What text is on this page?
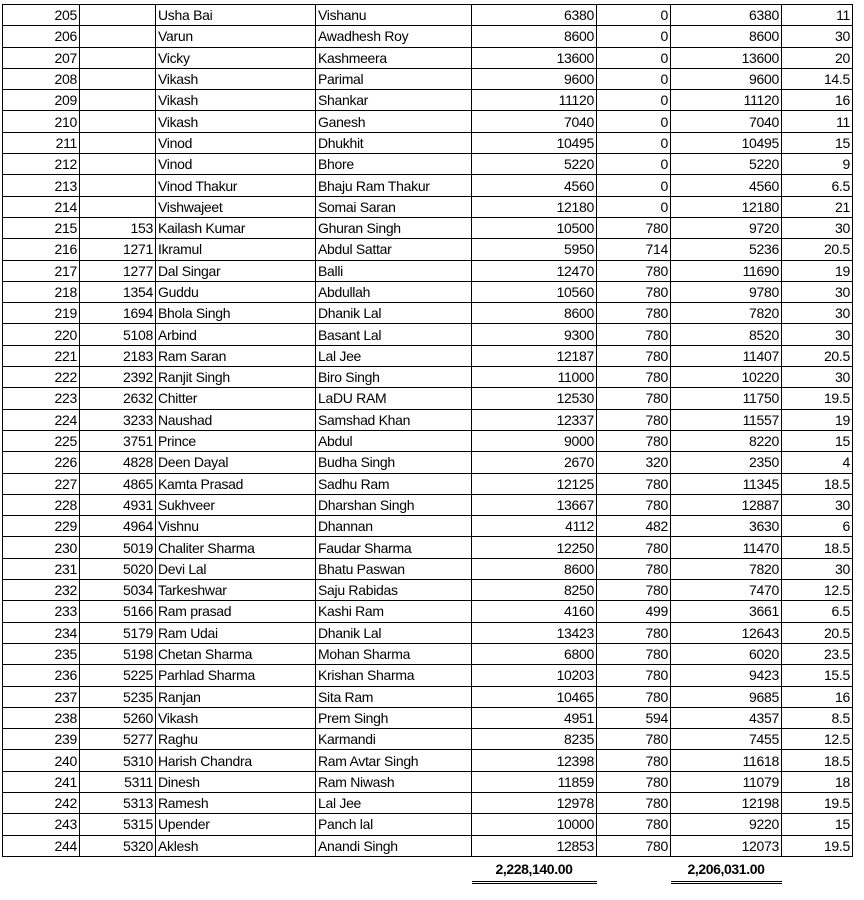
205		Usha Bai	Vishanu	6380	0	6380	11
206		Varun	Awadhesh Roy	8600	0	8600	30
207		Vicky	Kashmeera	13600	0	13600	20
208		Vikash	Parimal	9600	0	9600	14.5
209		Vikash	Shankar	11120	0	11120	16
210		Vikash	Ganesh	7040	0	7040	11
211		Vinod	Dhukhit	10495	0	10495	15
212		Vinod	Bhore	5220	0	5220	9
213		Vinod Thakur	Bhaju Ram Thakur	4560	0	4560	6.5
214		Vishwajeet	Somai Saran	12180	0	12180	21
215	153	Kailash Kumar	Ghuran Singh	10500	780	9720	30
216	1271	Ikramul	Abdul Sattar	5950	714	5236	20.5
217	1277	Dal Singar	Balli	12470	780	11690	19
218	1354	Guddu	Abdullah	10560	780	9780	30
219	1694	Bhola Singh	Dhanik Lal	8600	780	7820	30
220	5108	Arbind	Basant Lal	9300	780	8520	30
221	2183	Ram Saran	Lal Jee	12187	780	11407	20.5
222	2392	Ranjit Singh	Biro Singh	11000	780	10220	30
223	2632	Chitter	LaDU RAM	12530	780	11750	19.5
224	3233	Naushad	Samshad Khan	12337	780	11557	19
225	3751	Prince	Abdul	9000	780	8220	15
226	4828	Deen Dayal	Budha Singh	2670	320	2350	4
227	4865	Kamta Prasad	Sadhu Ram	12125	780	11345	18.5
228	4931	Sukhveer	Dharshan Singh	13667	780	12887	30
229	4964	Vishnu	Dhannan	4112	482	3630	6
230	5019	Chaliter Sharma	Faudar Sharma	12250	780	11470	18.5
231	5020	Devi Lal	Bhatu Paswan	8600	780	7820	30
232	5034	Tarkeshwar	Saju Rabidas	8250	780	7470	12.5
233	5166	Ram prasad	Kashi Ram	4160	499	3661	6.5
234	5179	Ram Udai	Dhanik Lal	13423	780	12643	20.5
235	5198	Chetan Sharma	Mohan Sharma	6800	780	6020	23.5
236	5225	Parhlad Sharma	Krishan Sharma	10203	780	9423	15.5
237	5235	Ranjan	Sita Ram	10465	780	9685	16
238	5260	Vikash	Prem Singh	4951	594	4357	8.5
239	5277	Raghu	Karmandi	8235	780	7455	12.5
240	5310	Harish Chandra	Ram Avtar Singh	12398	780	11618	18.5
241	5311	Dinesh	Ram Niwash	11859	780	11079	18
242	5313	Ramesh	Lal Jee	12978	780	12198	19.5
243	5315	Upender	Panch lal	10000	780	9220	15
244	5320	Aklesh	Anandi Singh	12853	780	12073	19.5
				2,228,140.00		2,206,031.00	
